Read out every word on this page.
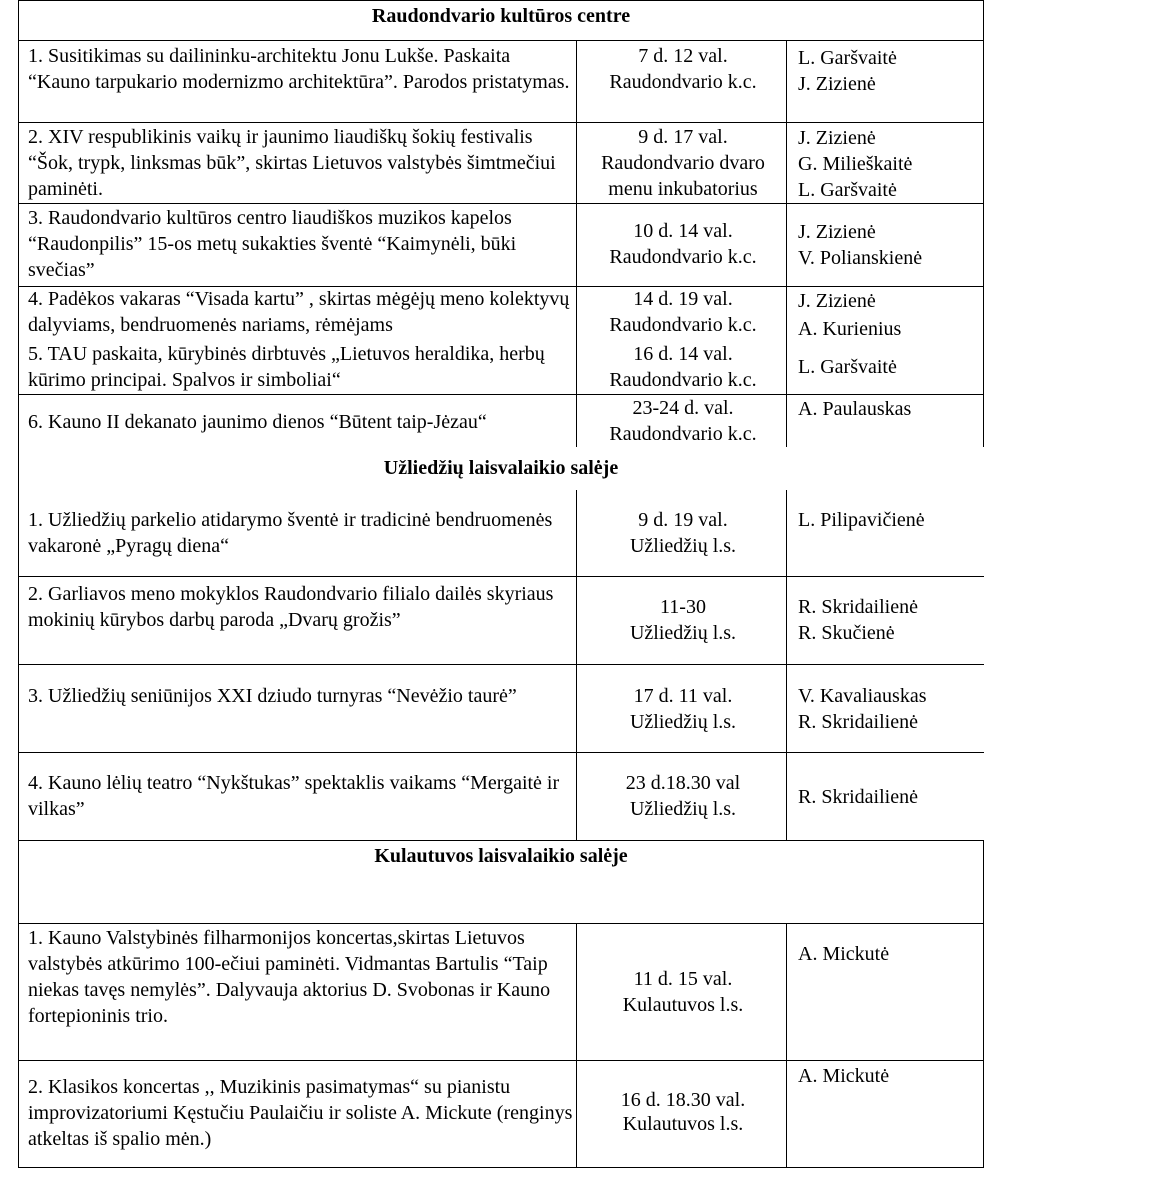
Raudondvario kultūros centre
1. Susitikimas su dailininku-architektu Jonu Lukše. Paskaita “Kauno tarpukario modernizmo architektūra”. Parodos pristatymas.
7 d. 12 val.
Raudondvario k.c.
L. Garšvaitė
J. Zizienė
2. XIV respublikinis vaikų ir jaunimo liaudiškų šokių festivalis “Šok, trypk, linksmas būk”, skirtas Lietuvos valstybės šimtmečiui paminėti.
9 d. 17 val.
Raudondvario dvaro menu inkubatorius
J. Zizienė
G. Milieškaitė
L. Garšvaitė
3. Raudondvario kultūros centro liaudiškos muzikos kapelos “Raudonpilis” 15-os metų sukakties šventė “Kaimynėli, būki svečias”
10 d. 14 val.
Raudondvario k.c.
J. Zizienė
V. Polianskienė
4. Padėkos vakaras “Visada kartu” , skirtas mėgėjų meno kolektyvų dalyviams, bendruomenės nariams, rėmėjams
14 d. 19 val.
Raudondvario k.c.
J. Zizienė
A. Kurienius
5. TAU paskaita, kūrybinės dirbtuvės „Lietuvos heraldika, herbų kūrimo principai. Spalvos ir simboliai“
16 d. 14 val.
Raudondvario k.c.
L. Garšvaitė
6. Kauno II dekanato jaunimo dienos “Būtent taip-Jėzau“
23-24 d. val.
Raudondvario k.c.
A. Paulauskas
Užliedžių laisvalaikio salėje
1. Užliedžių parkelio atidarymo šventė ir tradicinė bendruomenės vakaronė „Pyragų diena“
9 d. 19 val.
Užliedžių l.s.
L. Pilipavičienė
2. Garliavos meno mokyklos Raudondvario filialo dailės skyriaus mokinių kūrybos darbų paroda „Dvarų grožis”
11-30
Užliedžių l.s.
R. Skridailienė
R. Skučienė
3. Užliedžių seniūnijos XXI dziudo turnyras “Nevėžio taurė”	17 d. 11 val.
Užliedžių l.s.
V. Kavaliauskas
R. Skridailienė
4. Kauno lėlių teatro “Nykštukas” spektaklis vaikams “Mergaitė ir vilkas”
23 d.18.30 val
Užliedžių l.s.
R. Skridailienė
Kulautuvos laisvalaikio salėje
1. Kauno Valstybinės filharmonijos koncertas,skirtas Lietuvos valstybės atkūrimo 100-ečiui paminėti. Vidmantas Bartulis “Taip niekas tavęs nemylės”. Dalyvauja aktorius D. Svobonas ir Kauno fortepioninis trio.
11 d. 15 val.
Kulautuvos l.s.
A. Mickutė
2. Klasikos koncertas ,, Muzikinis pasimatymas“ su pianistu improvizatoriumi Kęstučiu Paulaičiu ir soliste A. Mickute (renginys atkeltas iš spalio mėn.)
16 d. 18.30 val.
Kulautuvos l.s.
A. Mickutė
